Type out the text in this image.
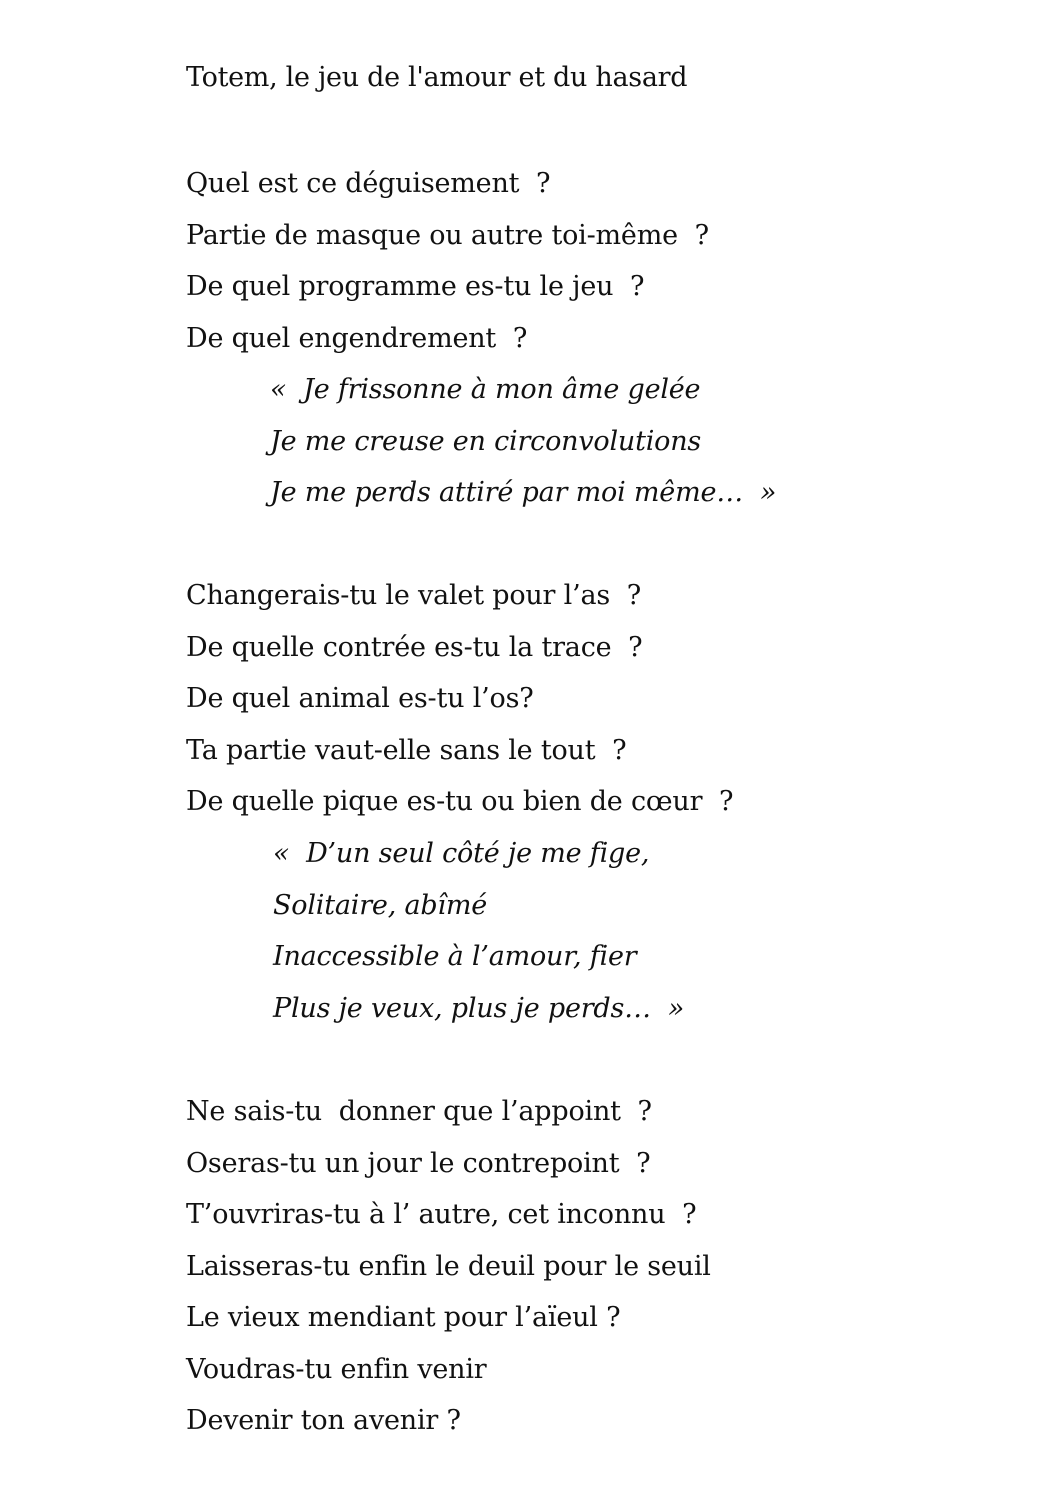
Totem, le jeu de l'amour et du hasard
Quel est ce déguisement  ?
Partie de masque ou autre toi-même  ?
De quel programme es-tu le jeu  ?
De quel engendrement  ?
«  Je frissonne à mon âme gelée
Je me creuse en circonvolutions
Je me perds attiré par moi même…  »
Changerais-tu le valet pour l’as  ?
De quelle contrée es-tu la trace  ?
De quel animal es-tu l’os?
Ta partie vaut-elle sans le tout  ?
De quelle pique es-tu ou bien de cœur  ?
«  D’un seul côté je me fige,
Solitaire, abîmé
Inaccessible à l’amour, fier
Plus je veux, plus je perds…  »
Ne sais-tu  donner que l’appoint  ?
Oseras-tu un jour le contrepoint  ?
T’ouvriras-tu à l’ autre, cet inconnu  ?
Laisseras-tu enfin le deuil pour le seuil
Le vieux mendiant pour l’aïeul ?
Voudras-tu enfin venir
Devenir ton avenir ?
